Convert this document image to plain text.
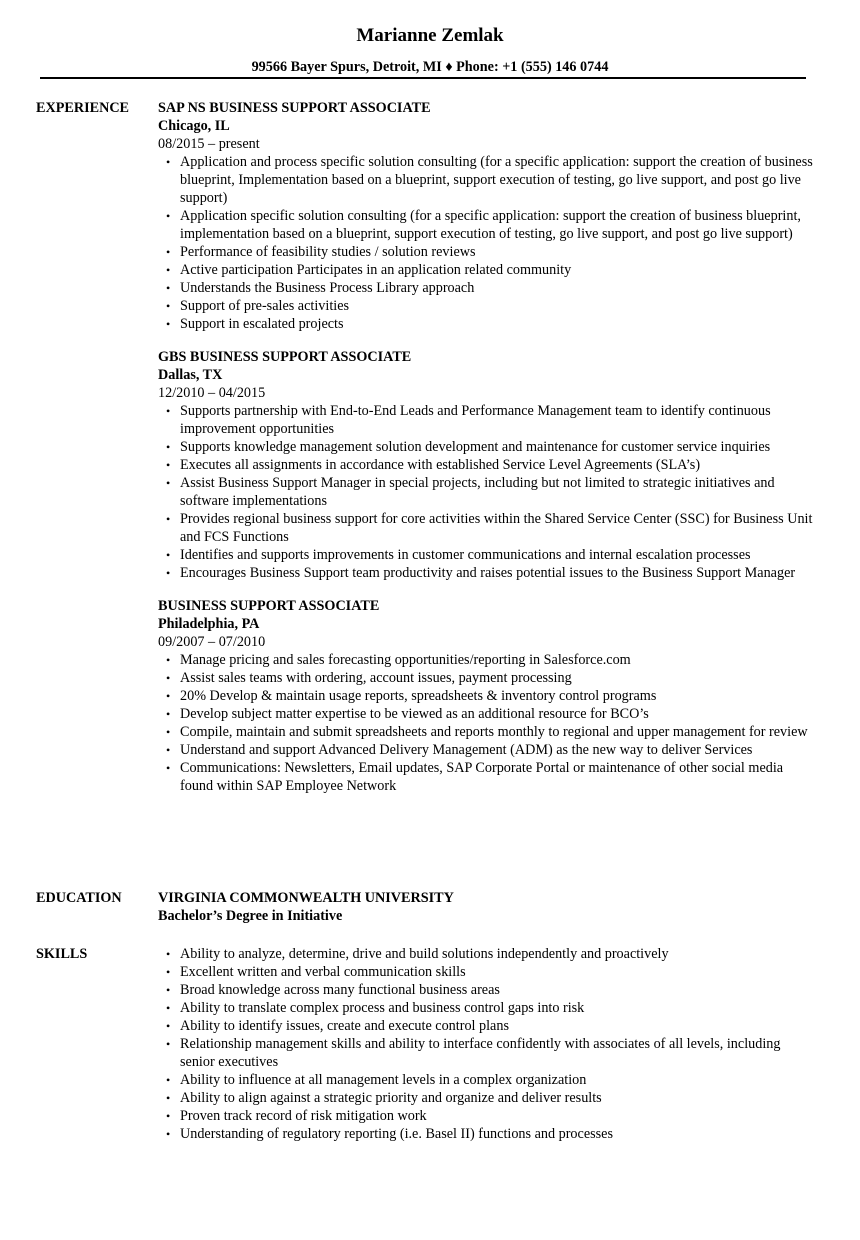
Marianne Zemlak
99566 Bayer Spurs, Detroit, MI ♦ Phone: +1 (555) 146 0744
EXPERIENCE SAP NS BUSINESS SUPPORT ASSOCIATE
Chicago, IL
08/2015 – present
• Application and process specific solution consulting (for a specific application: support the creation of business blueprint, Implementation based on a blueprint, support execution of testing, go live support, and post go live support)
• Application specific solution consulting (for a specific application: support the creation of business blueprint, implementation based on a blueprint, support execution of testing, go live support, and post go live support)
• Performance of feasibility studies / solution reviews
• Active participation Participates in an application related community
• Understands the Business Process Library approach
• Support of pre-sales activities
• Support in escalated projects
GBS BUSINESS SUPPORT ASSOCIATE
Dallas, TX
12/2010 – 04/2015
• Supports partnership with End-to-End Leads and Performance Management team to identify continuous improvement opportunities
• Supports knowledge management solution development and maintenance for customer service inquiries
• Executes all assignments in accordance with established Service Level Agreements (SLA’s)
• Assist Business Support Manager in special projects, including but not limited to strategic initiatives and software implementations
• Provides regional business support for core activities within the Shared Service Center (SSC) for Business Unit and FCS Functions
• Identifies and supports improvements in customer communications and internal escalation processes
• Encourages Business Support team productivity and raises potential issues to the Business Support Manager
BUSINESS SUPPORT ASSOCIATE
Philadelphia, PA
09/2007 – 07/2010
• Manage pricing and sales forecasting opportunities/reporting in Salesforce.com
• Assist sales teams with ordering, account issues, payment processing
• 20% Develop & maintain usage reports, spreadsheets & inventory control programs
• Develop subject matter expertise to be viewed as an additional resource for BCO’s
• Compile, maintain and submit spreadsheets and reports monthly to regional and upper management for review
• Understand and support Advanced Delivery Management (ADM) as the new way to deliver Services
• Communications: Newsletters, Email updates, SAP Corporate Portal or maintenance of other social media found within SAP Employee Network
EDUCATION	VIRGINIA COMMONWEALTH UNIVERSITY
Bachelor’s Degree in Initiative
SKILLS	• Ability to analyze, determine, drive and build solutions independently and proactively
• Excellent written and verbal communication skills
• Broad knowledge across many functional business areas
• Ability to translate complex process and business control gaps into risk
• Ability to identify issues, create and execute control plans
• Relationship management skills and ability to interface confidently with associates of all levels, including senior executives
• Ability to influence at all management levels in a complex organization
• Ability to align against a strategic priority and organize and deliver results
• Proven track record of risk mitigation work
• Understanding of regulatory reporting (i.e. Basel II) functions and processes
